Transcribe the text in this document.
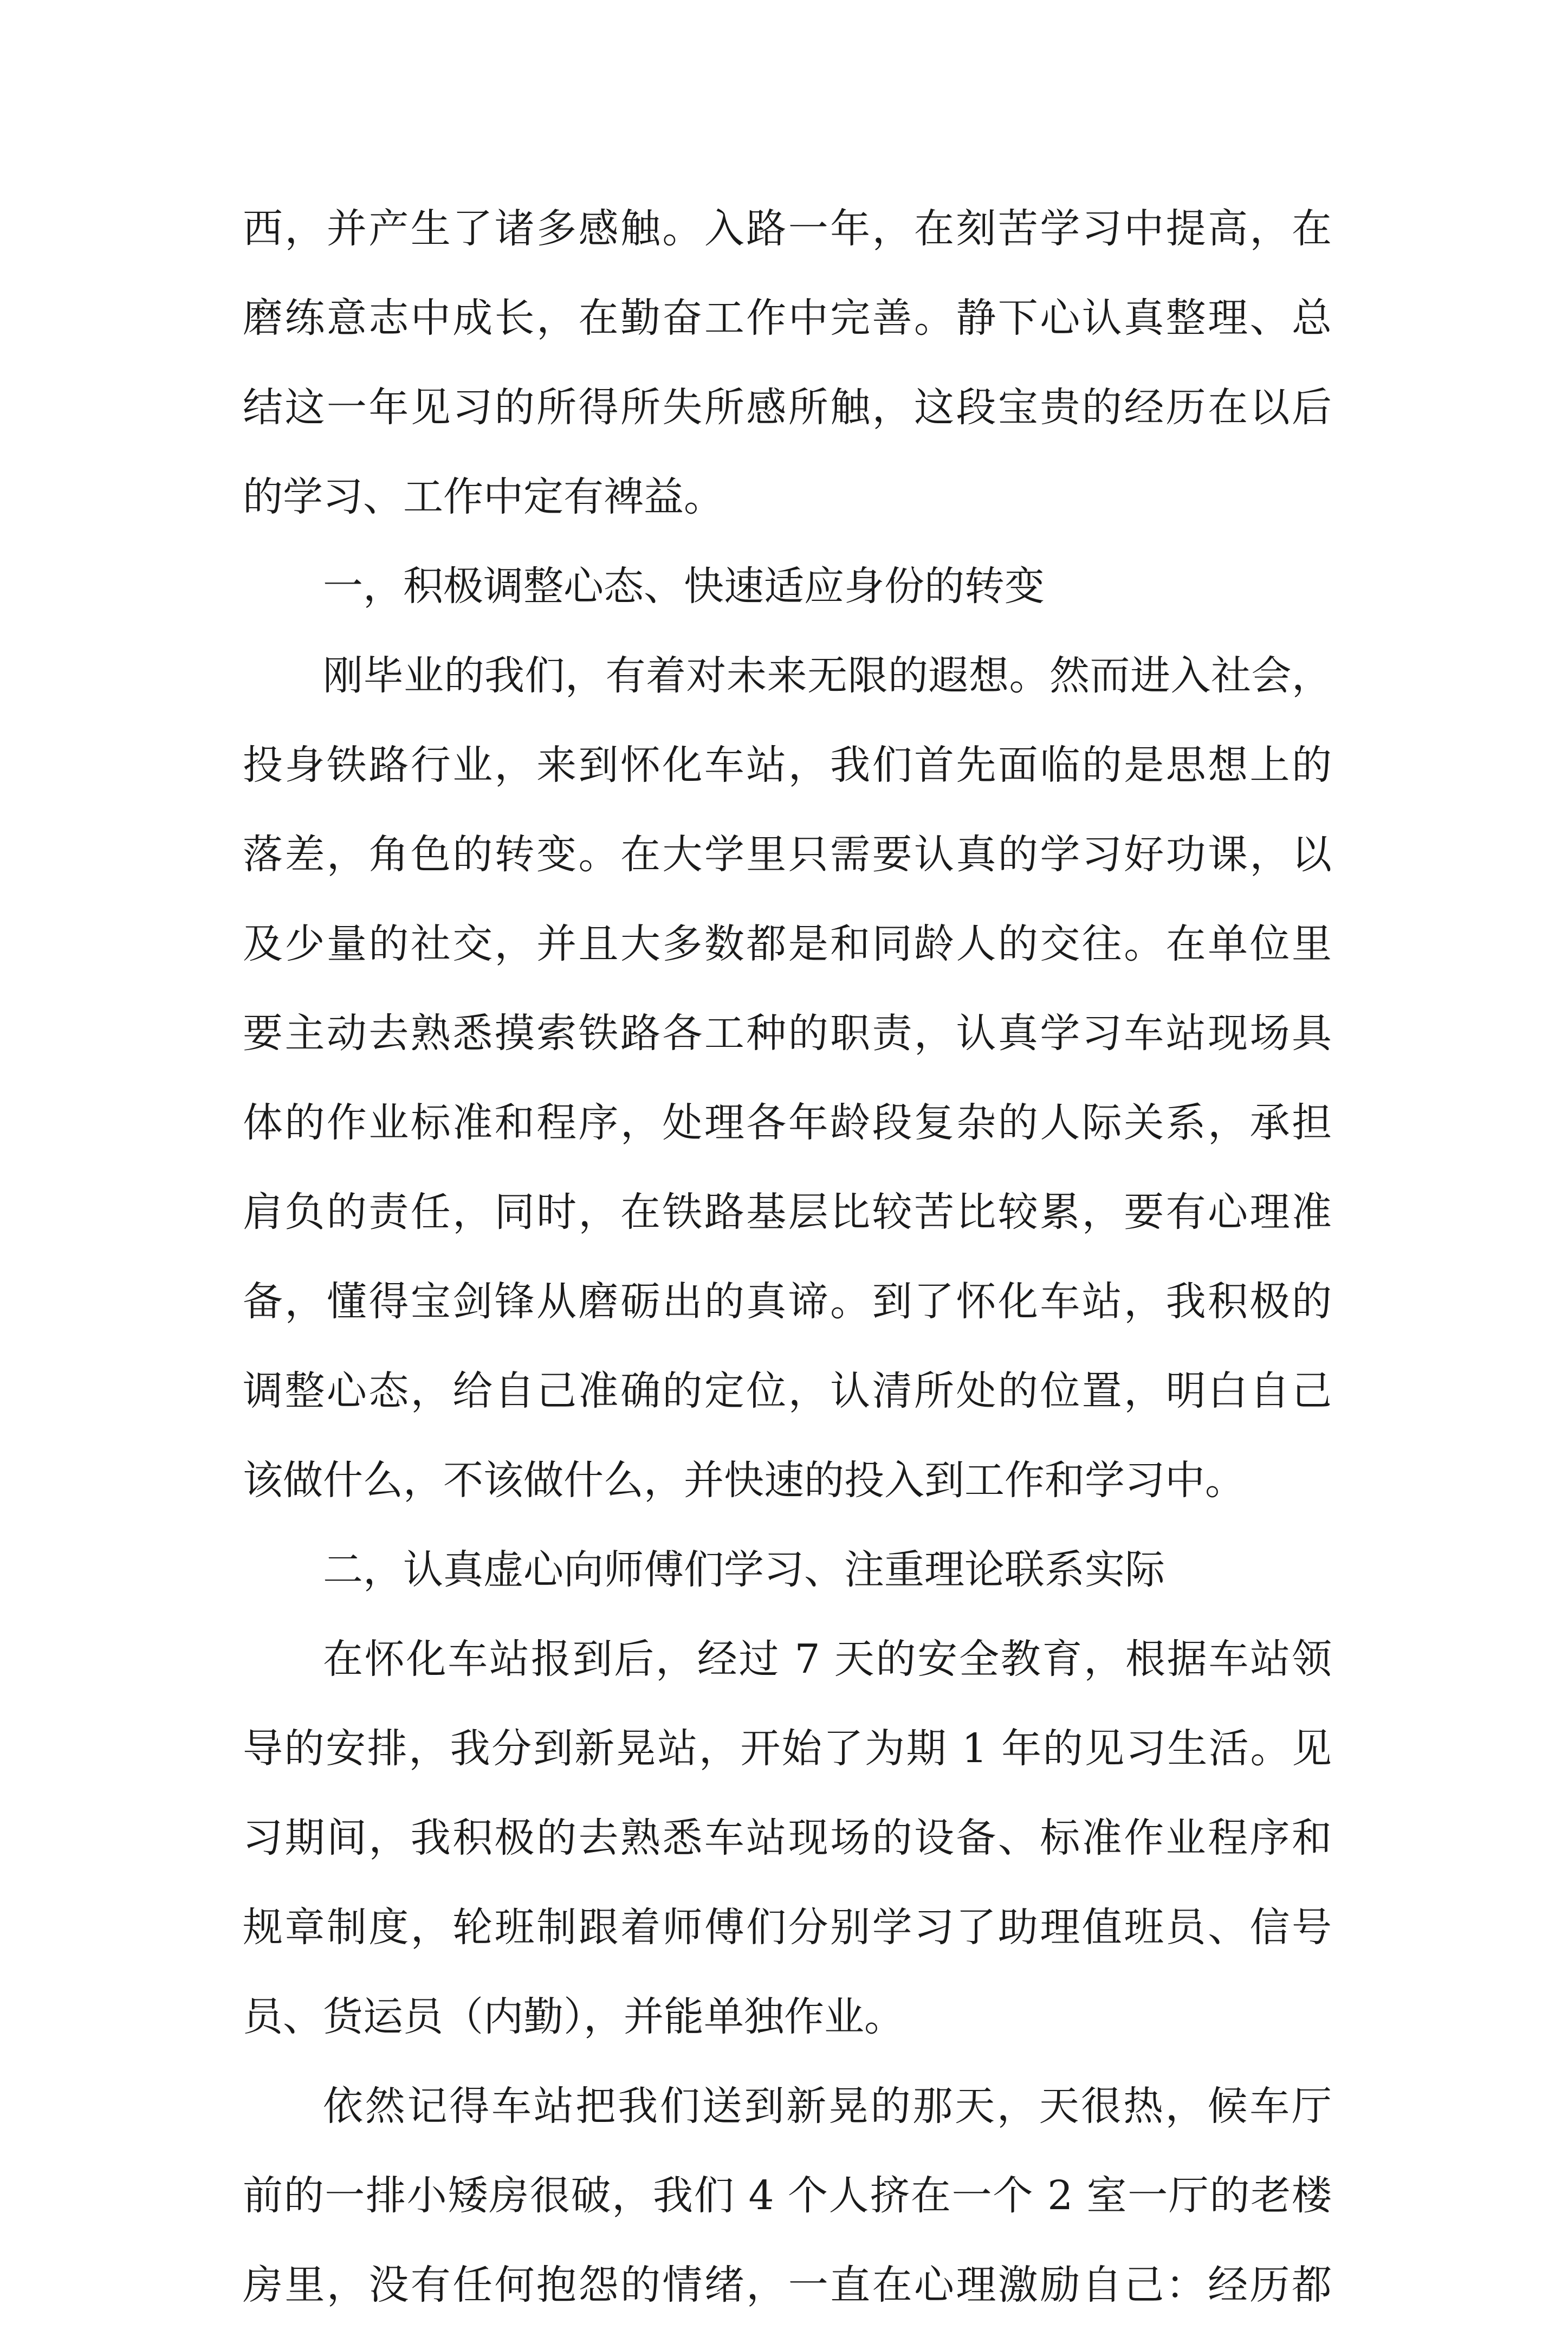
西，并产生了诸多感触。入路一年，在刻苦学习中提高，在
磨练意志中成长，在勤奋工作中完善。静下心认真整理、总
结这一年见习的所得所失所感所触，这段宝贵的经历在以后
的学习、工作中定有裨益。
一，积极调整心态、快速适应身份的转变
刚毕业的我们，有着对未来无限的遐想。然而进入社会，
投身铁路行业，来到怀化车站，我们首先面临的是思想上的
落差，角色的转变。在大学里只需要认真的学习好功课，以
及少量的社交，并且大多数都是和同龄人的交往。在单位里
要主动去熟悉摸索铁路各工种的职责，认真学习车站现场具
体的作业标准和程序，处理各年龄段复杂的人际关系，承担
肩负的责任，同时，在铁路基层比较苦比较累，要有心理准
备，懂得宝剑锋从磨砺出的真谛。到了怀化车站，我积极的
调整心态，给自己准确的定位，认清所处的位置，明白自己
该做什么，不该做什么，并快速的投入到工作和学习中。
二，认真虚心向师傅们学习、注重理论联系实际
在怀化车站报到后，经过 7 天的安全教育，根据车站领
导的安排，我分到新晃站，开始了为期 1 年的见习生活。见
习期间，我积极的去熟悉车站现场的设备、标准作业程序和
规章制度，轮班制跟着师傅们分别学习了助理值班员、信号
员、货运员（内勤），并能单独作业。
依然记得车站把我们送到新晃的那天，天很热，候车厅
前的一排小矮房很破，我们 4 个人挤在一个 2 室一厅的老楼
房里，没有任何抱怨的情绪，一直在心理激励自己：经历都
